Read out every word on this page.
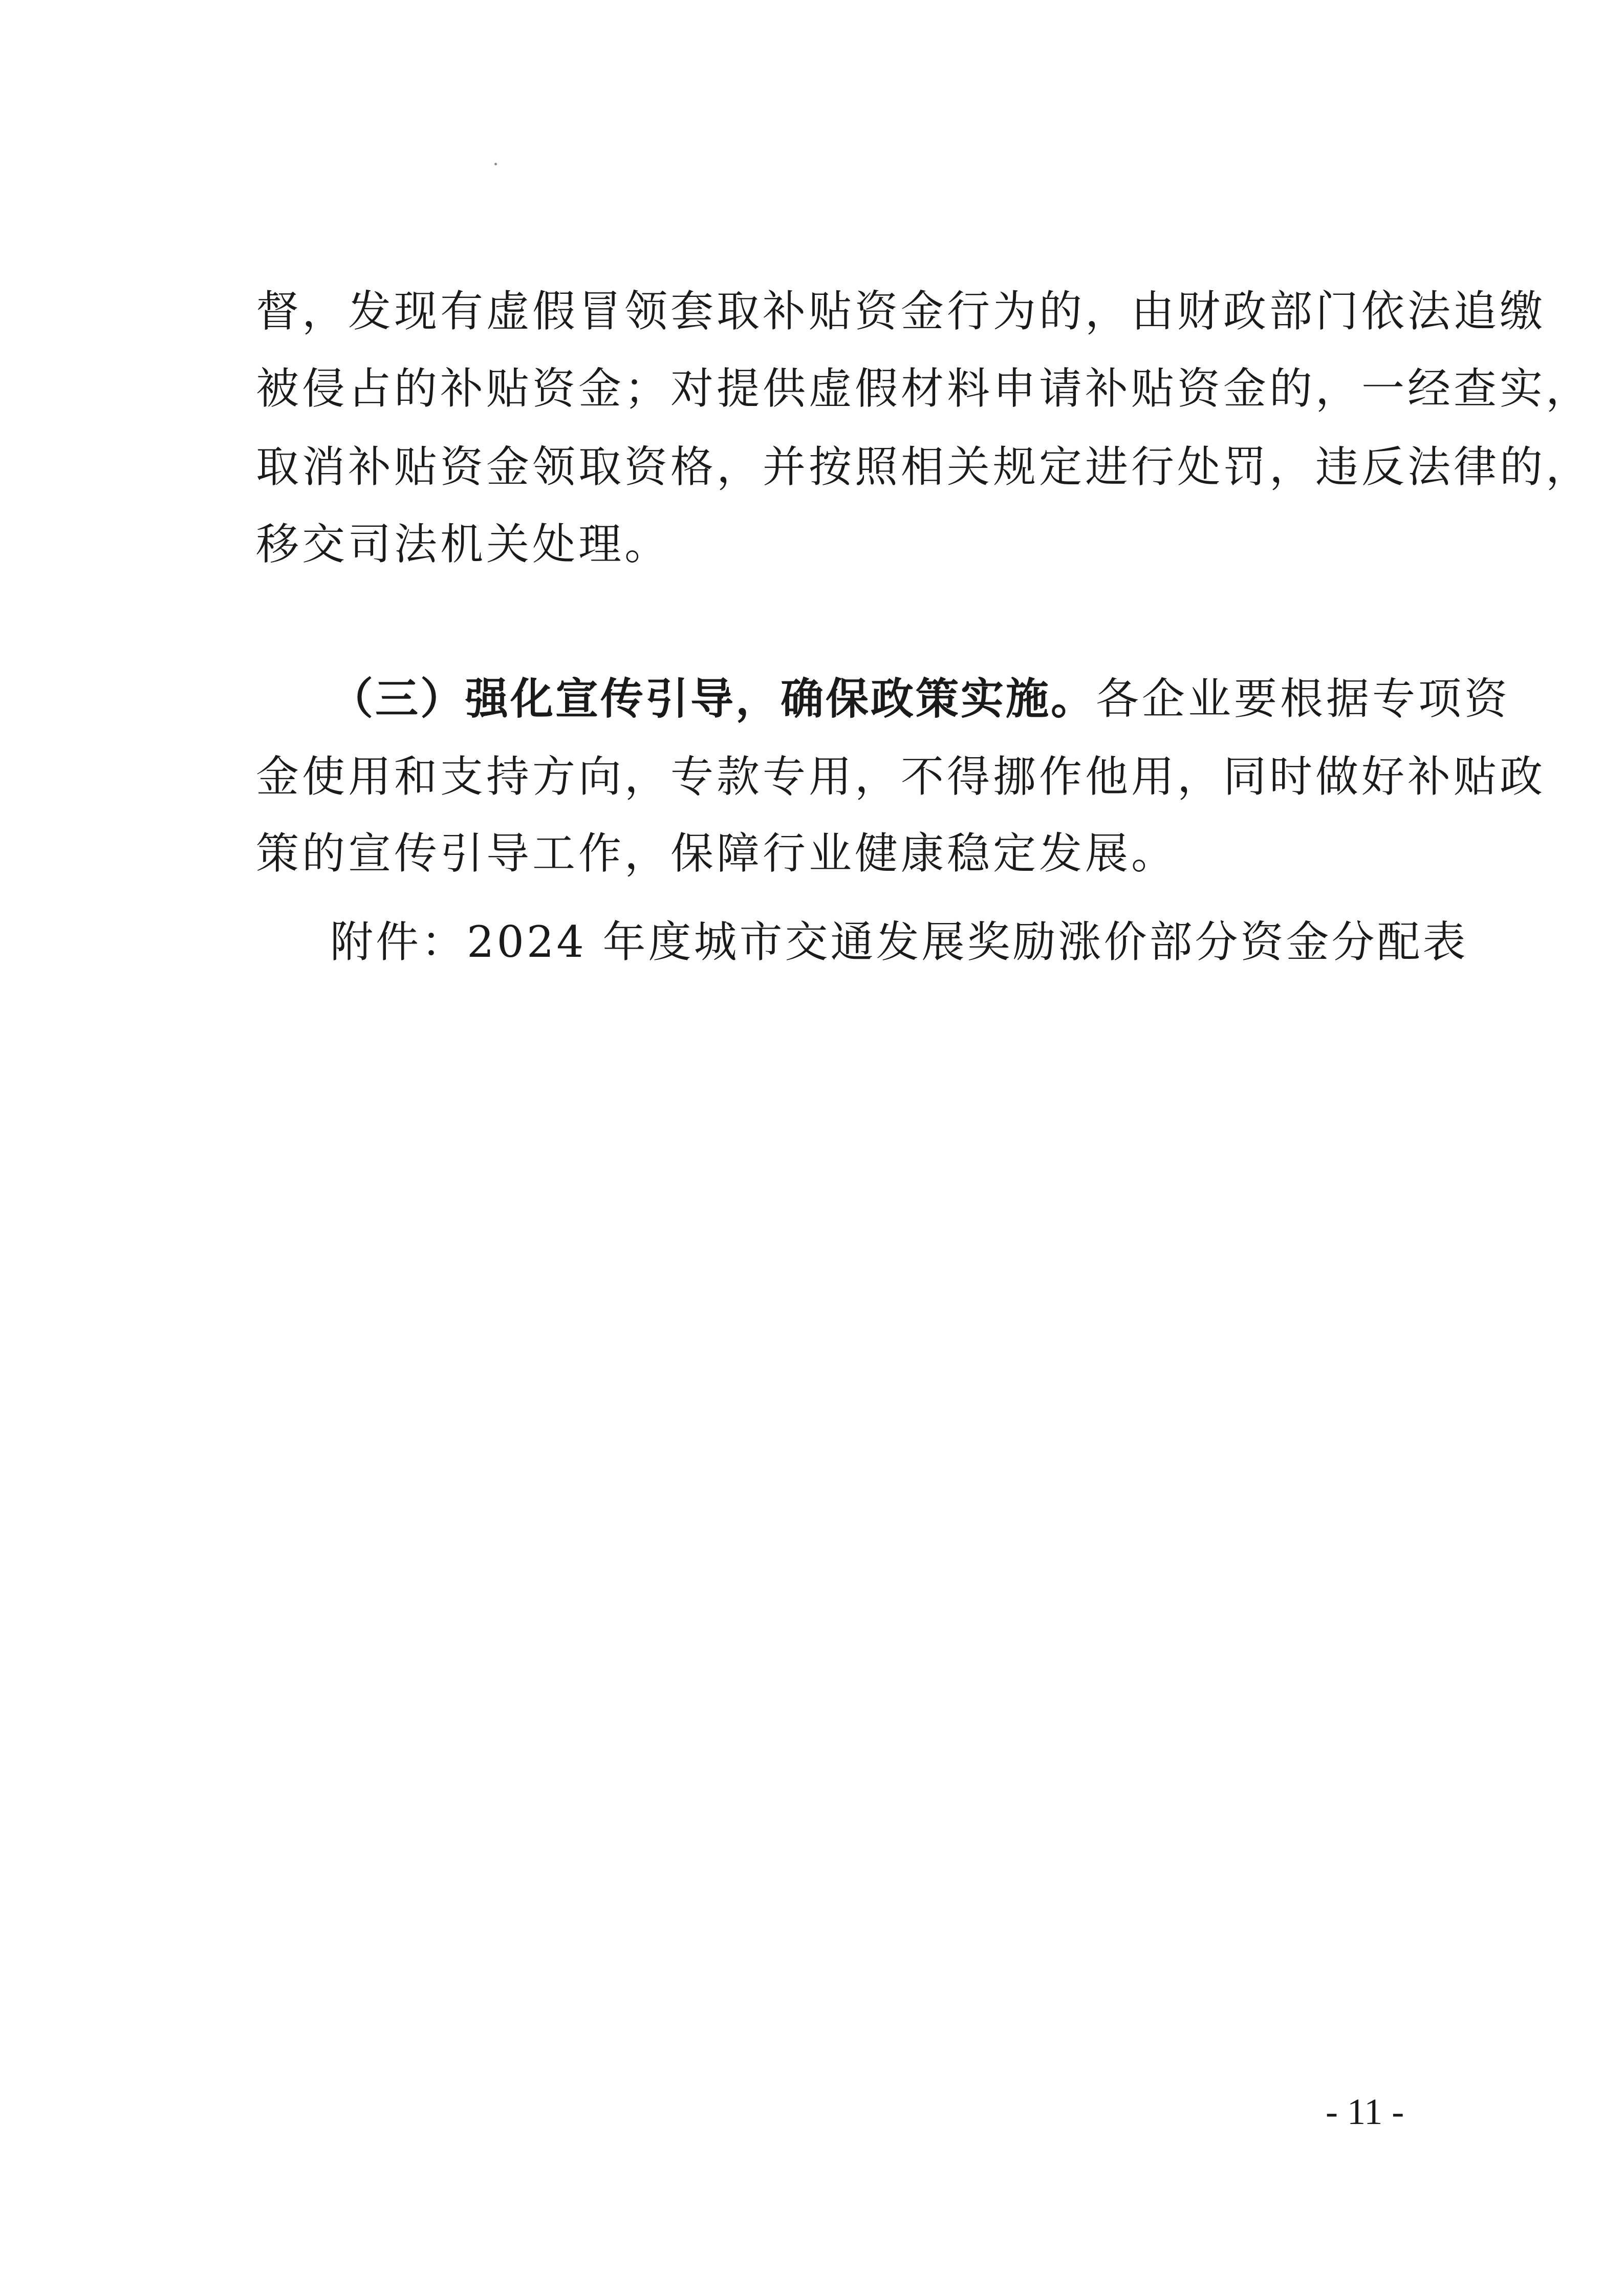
督，发现有虚假冒领套取补贴资金行为的，由财政部门依法追缴
被侵占的补贴资金；对提供虚假材料申请补贴资金的，一经查实，
取消补贴资金领取资格，并按照相关规定进行处罚，违反法律的，
移交司法机关处理。
（三）强化宣传引导，确保政策实施。各企业要根据专项资
金使用和支持方向，专款专用，不得挪作他用，同时做好补贴政
策的宣传引导工作，保障行业健康稳定发展。
附件：2024 年度城市交通发展奖励涨价部分资金分配表
- 11 -
